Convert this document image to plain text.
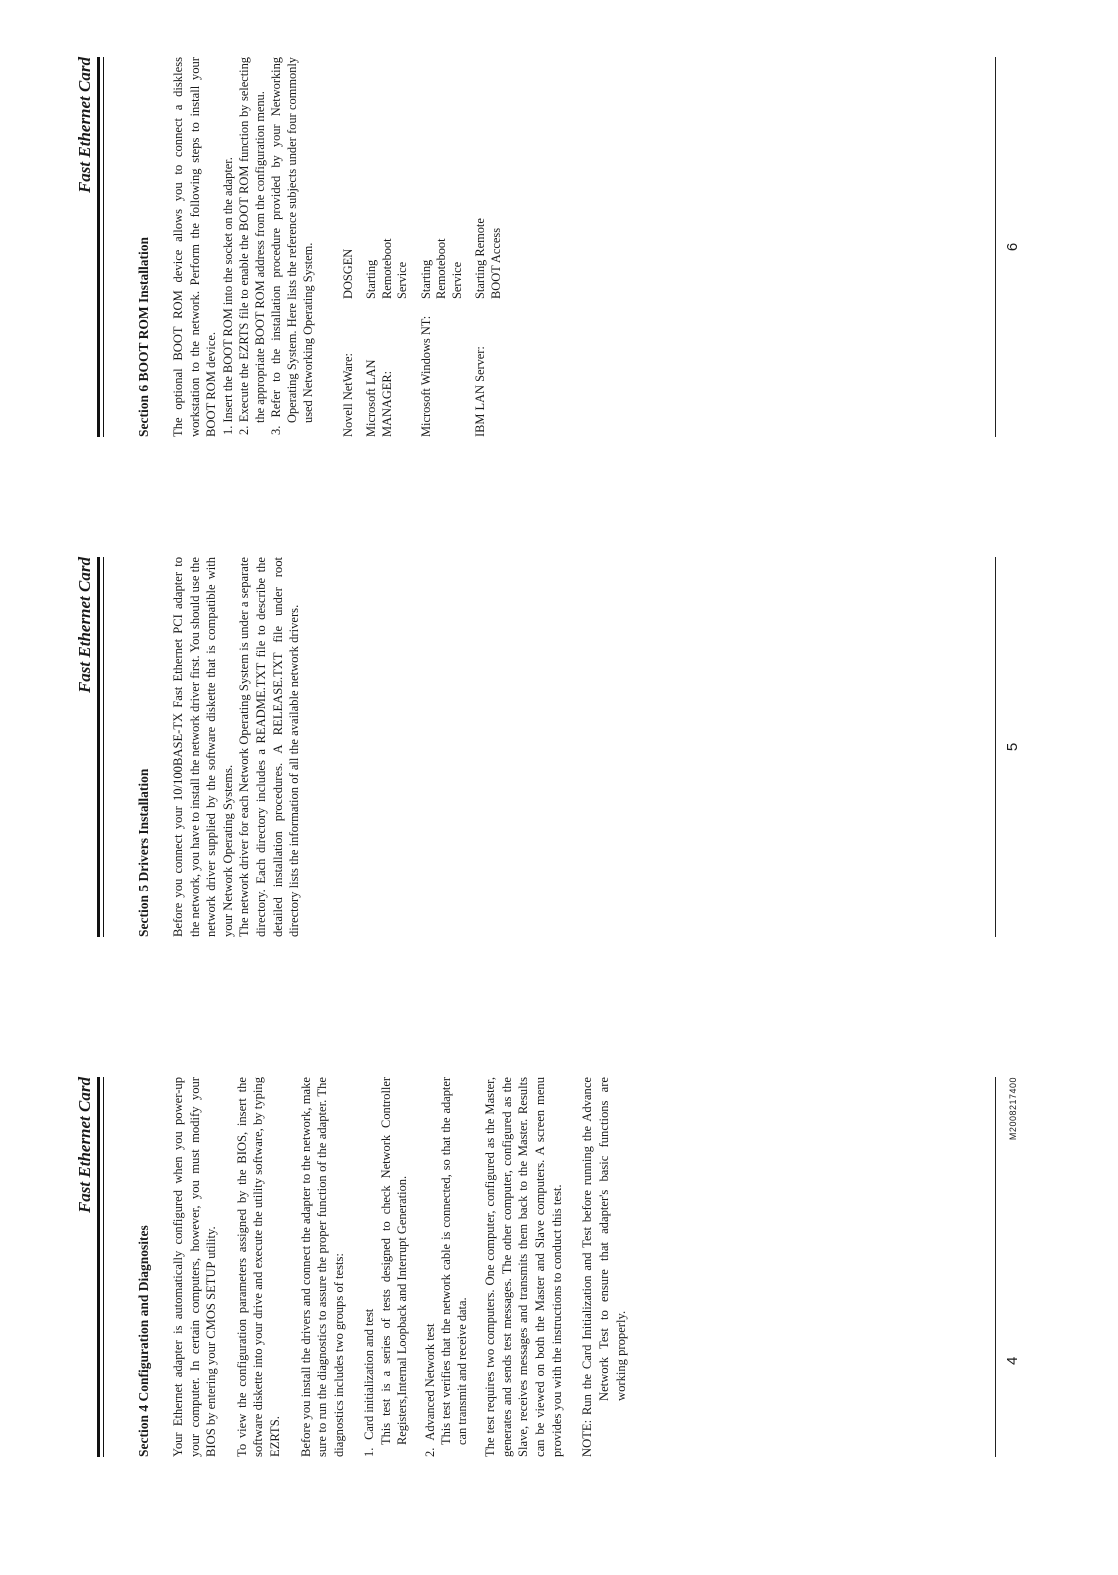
Fast Ethernet Card
Section 4 Configuration and Diagnosites Your Ethernet adapter is automatically configured when you power-up your computer. In certain computers, however, you must modify your BIOS by entering your CMOS SETUP utility. To view the configuration parameters assigned by the BIOS, insert the software diskette into your drive and execute the utility software, by typing EZRTS. Before you install the drivers and connect the adapter to the network, make sure to run the diagnostics to assure the proper function of the adapter. The diagnostics includes two groups of tests: 1. Card initialization and test This test is a series of tests designed to check Network Controller Registers,Internal Loopback and Interrupt Generation.
2. Advanced Network test This test verifies that the network cable is connected, so that the adapter can transmit and receive data. The test requires two computers. One computer, configured as the Master, generates and sends test messages. The other computer, configured as the Slave, receives messages and transmits them back to the Master. Results can be viewed on both the Master and Slave computers. A screen menu provides you with the instructions to conduct this test. NOTE: Run the Card Initialization and Test before running the Advance Network Test to ensure that adapter's basic functions are working properly.	4
M2008217400
Fast Ethernet Card
Section 5 Drivers Installation Before you connect your 10/100BASE-TX Fast Ethernet PCI adapter to the network, you have to install the network driver first. You should use the network driver supplied by the software diskette that is compatible with your Network Operating Systems. The network driver for each Network Operating System is under a separate directory. Each directory includes a README.TXT file to describe the detailed installation procedures. A RELEASE.TXT file under root directory lists the information of all the available network drivers.	5
Fast Ethernet Card
Section 6 BOOT ROM Installation The optional BOOT ROM device allows you to connect a diskless workstation to the network. Perform the following steps to install your BOOT ROM device. 1. Insert the BOOT ROM into the socket on the adapter. 2. Execute the EZRTS file to enable the BOOT ROM function by selecting the appropriate BOOT ROM address from the configuration menu. 3. Refer to the installation procedure provided by your Networking Operating System. Here lists the reference subjects under four commonly used Networking Operating System. Novell NetWare:	DOSGEN
Microsoft LAN MANAGER:	Starting Remoteboot Service
Microsoft Windows NT:	Starting Remoteboot Service
IBM LAN Server:	Starting Remote BOOT Access	6
